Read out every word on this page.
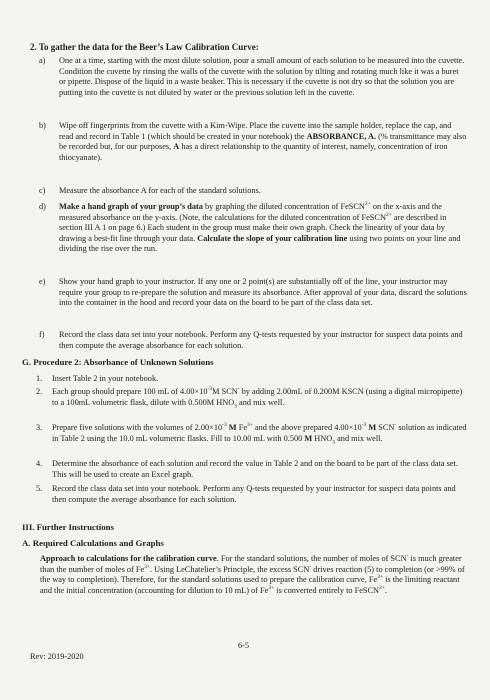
2. To gather the data for the Beer’s Law Calibration Curve:
a)	One at a time, starting with the most dilute solution, pour a small amount of each solution to be measured into the cuvette. Condition the cuvette by rinsing the walls of the cuvette with the solution by tilting and rotating much like it was a buret or pipette. Dispose of the liquid in a waste beaker. This is necessary if the cuvette is not dry so that the solution you are putting into the cuvette is not diluted by water or the previous solution left in the cuvette.
b)	Wipe off fingerprints from the cuvette with a Kim-Wipe. Place the cuvette into the sample holder, replace the cap, and read and record in Table 1 (which should be created in your notebook) the ABSORBANCE, A. (% transmittance may also be recorded but, for our purposes, A has a direct relationship to the quantity of interest, namely, concentration of iron thiocyanate).
c)	Measure the absorbance A for each of the standard solutions.
d)	Make a hand graph of your group’s data by graphing the diluted concentration of FeSCN$^{2+}$ on the x-axis and the measured absorbance on the y-axis. (Note, the calculations for the diluted concentration of FeSCN$^{2+}$ are described in section III A 1 on page 6.) Each student in the group must make their own graph. Check the linearity of your data by drawing a best-fit line through your data. Calculate the slope of your calibration line using two points on your line and dividing the rise over the run.
e)	Show your hand graph to your instructor. If any one or 2 point(s) are substantially off of the line, your instructor may require your group to re-prepare the solution and measure its absorbance. After approval of your data, discard the solutions into the container in the hood and record your data on the board to be part of the class data set.
f)	Record the class data set into your notebook. Perform any Q-tests requested by your instructor for suspect data points and then compute the average absorbance for each solution.
G. Procedure 2: Absorbance of Unknown Solutions
1.	Insert Table 2 in your notebook.
2.	Each group should prepare 100 mL of $4.00\times 10^{-3}M$ SCN- by adding 2.00mL of 0.200M KSCN (using a digital micropipette) to a 100mL volumetric flask, dilute with 0.500M $HNO_3$ and mix well.
3.	Prepare five solutions with the volumes of $2.00\times 10^{-3}$ M $Fe^{3+}$ and the above prepared $4.00\times 10^{-3}$ M SCN- solution as indicated in Table 2 using the 10.0 mL volumetric flasks. Fill to 10.00 mL with 0.500 M $HNO_3$ and mix well.
4.	Determine the absorbance of each solution and record the value in Table 2 and on the board to be part of the class data set. This will be used to create an Excel graph.
5.	Record the class data set into your notebook. Perform any Q-tests requested by your instructor for suspect data points and then compute the average absorbance for each solution.
III. Further Instructions
A. Required Calculations and Graphs
Approach to calculations for the calibration curve. For the standard solutions, the number of moles of SCN- is much greater than the number of moles of $Fe^{3+}$. Using LeChatelier’s Principle, the excess SCN- drives reaction (5) to completion (or >99% of the way to completion). Therefore, for the standard solutions used to prepare the calibration curve, $Fe^{3+}$ is the limiting reactant and the initial concentration (accounting for dilution to 10 mL) of $Fe^{3+}$ is converted entirely to FeSCN$^{2+}$.
6-5
Rev: 2019-2020
